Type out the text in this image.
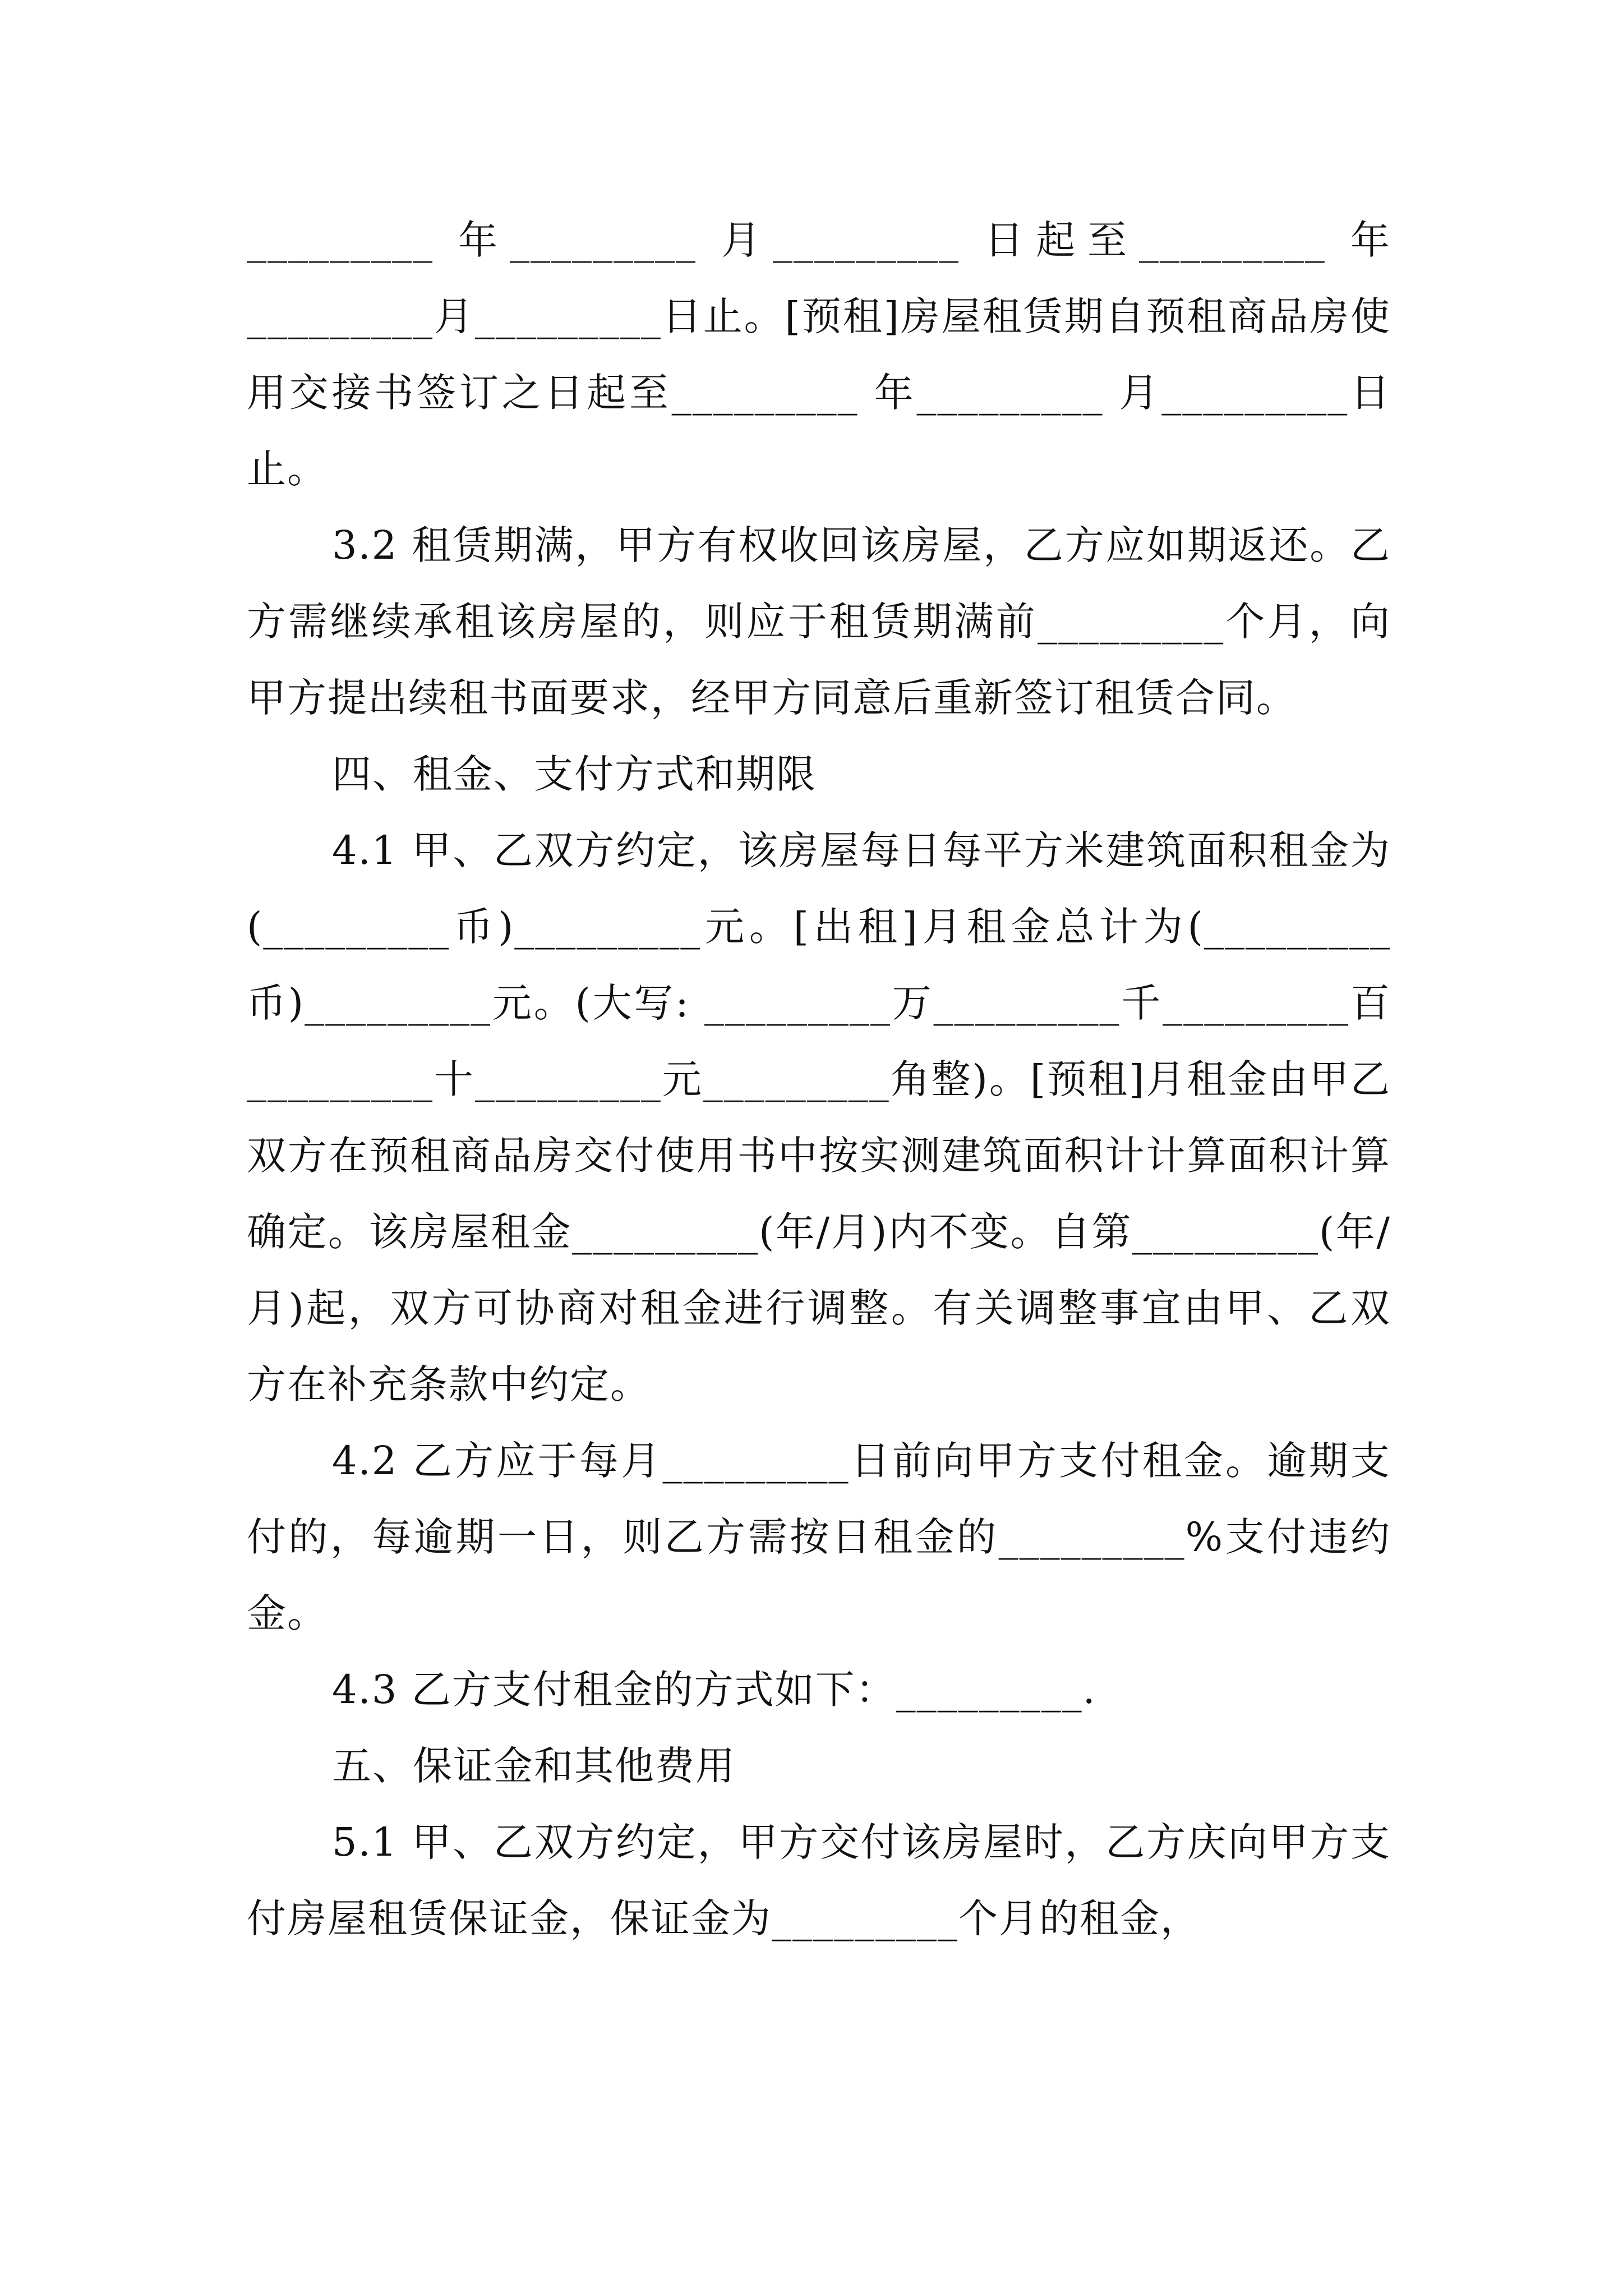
_________ 年_________ 月_________ 日起至_________ 年_________月_________日止。[预租]房屋租赁期自预租商品房使用交接书签订之日起至_________ 年_________ 月_________日止。

3.2 租赁期满，甲方有权收回该房屋，乙方应如期返还。乙方需继续承租该房屋的，则应于租赁期满前_________个月，向甲方提出续租书面要求，经甲方同意后重新签订租赁合同。

四、租金、支付方式和期限

4.1 甲、乙双方约定，该房屋每日每平方米建筑面积租金为(_________币)_________元。[出租]月租金总计为(_________币)_________元。(大写: _________万_________千_________百_________十_________元_________角整)。[预租]月租金由甲乙双方在预租商品房交付使用书中按实测建筑面积计计算面积计算确定。该房屋租金_________(年/月)内不变。自第_________(年/月)起，双方可协商对租金进行调整。有关调整事宜由甲、乙双方在补充条款中约定。

4.2 乙方应于每月_________日前向甲方支付租金。逾期支付的，每逾期一日，则乙方需按日租金的_________%支付违约金。

4.3 乙方支付租金的方式如下：_________.

五、保证金和其他费用

5.1 甲、乙双方约定，甲方交付该房屋时，乙方庆向甲方支付房屋租赁保证金，保证金为_________个月的租金，
